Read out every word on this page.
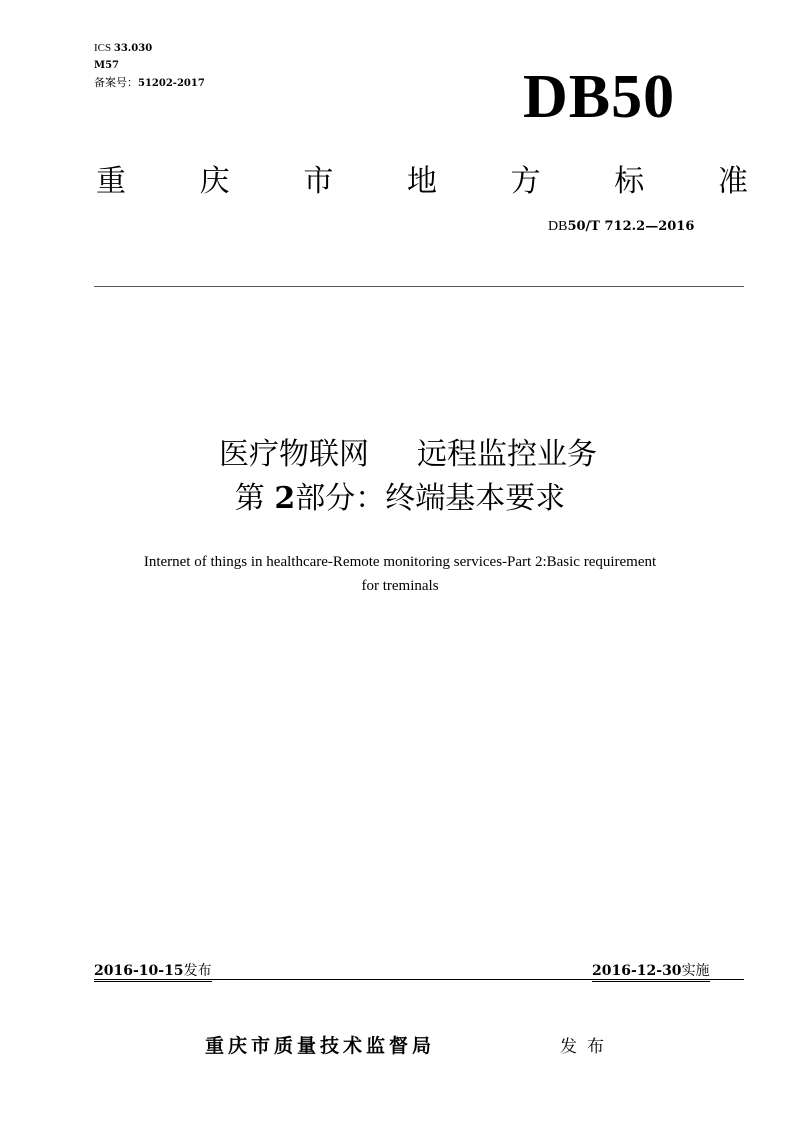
ICS 33.030
M57
备案号：51202-2017	DB50
重 庆 市 地 方 标 准
DB50/T 712.2—2016
医疗物联网 远程监控业务
第 2部分：终端基本要求
Internet of things in healthcare-Remote monitoring services-Part 2:Basic requirement
for treminals
2016-10-15发布	2016-12-30实施
重庆市质量技术监督局	发布
